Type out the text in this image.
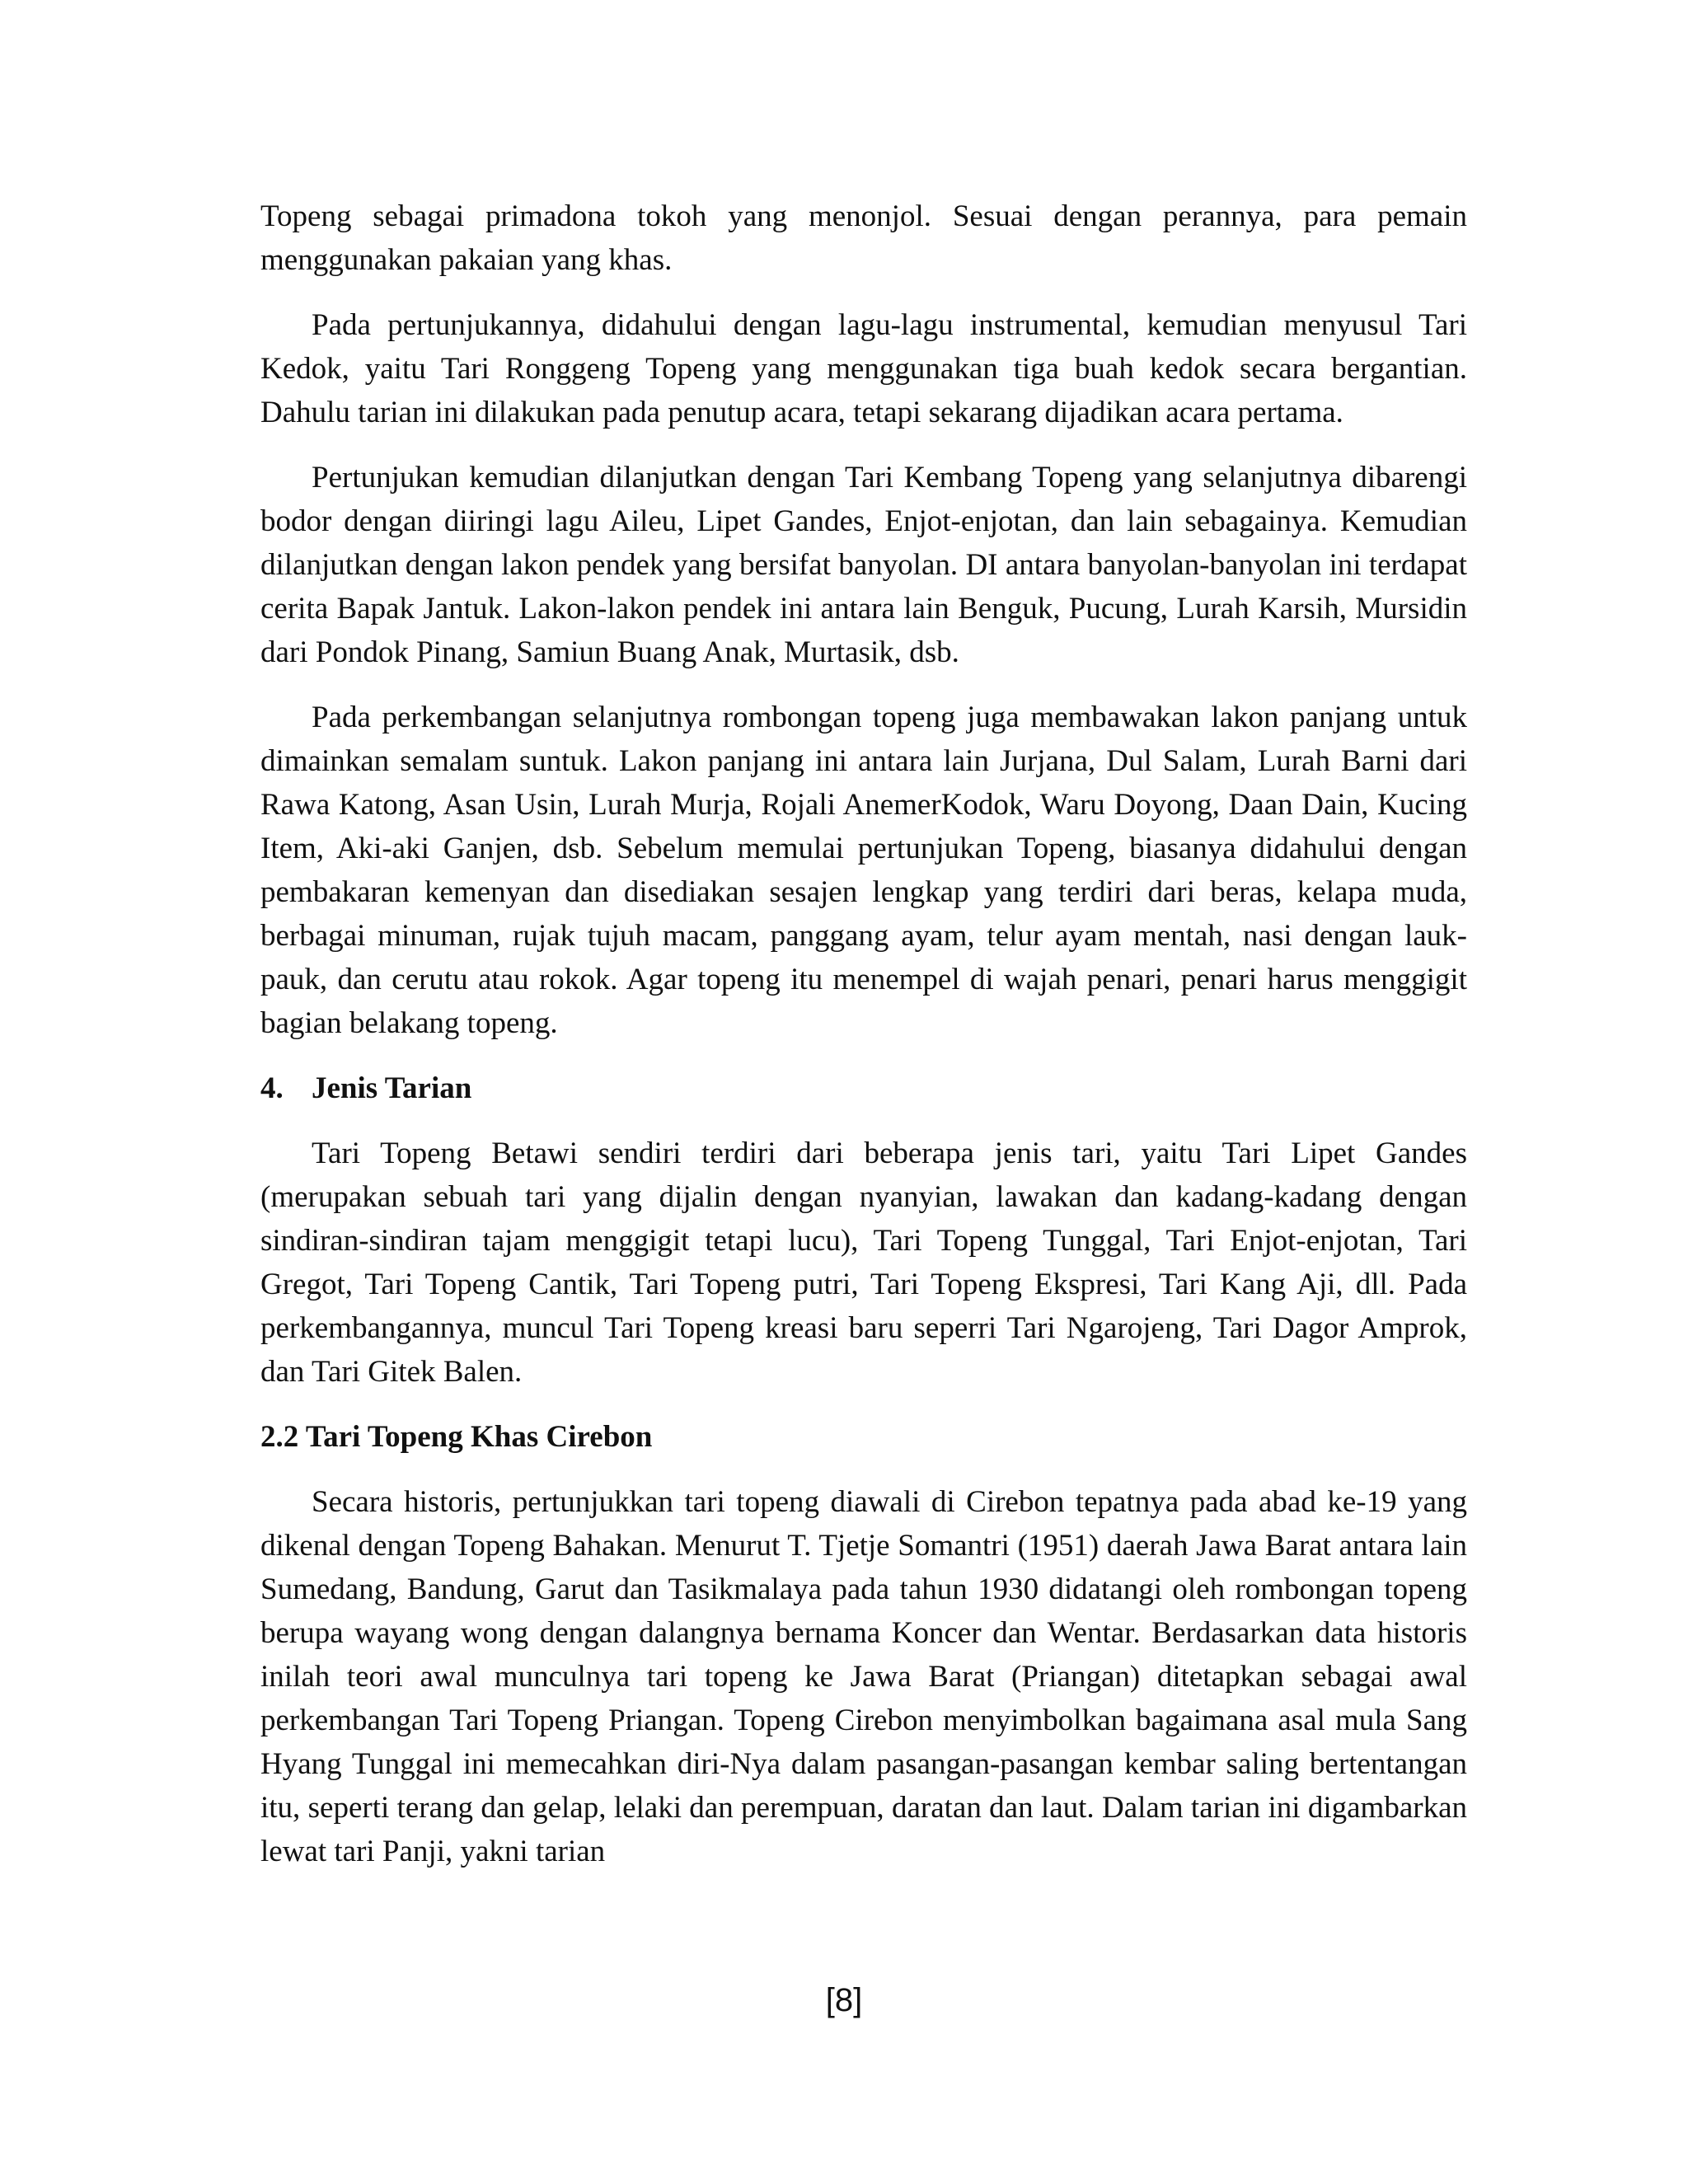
Topeng sebagai primadona tokoh yang menonjol. Sesuai dengan perannya, para pemain menggunakan pakaian yang khas.

Pada pertunjukannya, didahului dengan lagu-lagu instrumental, kemudian menyusul Tari Kedok, yaitu Tari Ronggeng Topeng yang menggunakan tiga buah kedok secara bergantian. Dahulu tarian ini dilakukan pada penutup acara, tetapi sekarang dijadikan acara pertama.

Pertunjukan kemudian dilanjutkan dengan Tari Kembang Topeng yang selanjutnya dibarengi bodor dengan diiringi lagu Aileu, Lipet Gandes, Enjot-enjotan, dan lain sebagainya. Kemudian dilanjutkan dengan lakon pendek yang bersifat banyolan. DI antara banyolan-banyolan ini terdapat cerita Bapak Jantuk. Lakon-lakon pendek ini antara lain Benguk, Pucung, Lurah Karsih, Mursidin dari Pondok Pinang, Samiun Buang Anak, Murtasik, dsb.

Pada perkembangan selanjutnya rombongan topeng juga membawakan lakon panjang untuk dimainkan semalam suntuk. Lakon panjang ini antara lain Jurjana, Dul Salam, Lurah Barni dari Rawa Katong, Asan Usin, Lurah Murja, Rojali AnemerKodok, Waru Doyong, Daan Dain, Kucing Item, Aki-aki Ganjen, dsb. Sebelum memulai pertunjukan Topeng, biasanya didahului dengan pembakaran kemenyan dan disediakan sesajen lengkap yang terdiri dari beras, kelapa muda, berbagai minuman, rujak tujuh macam, panggang ayam, telur ayam mentah, nasi dengan lauk-pauk, dan cerutu atau rokok. Agar topeng itu menempel di wajah penari, penari harus menggigit bagian belakang topeng.

4. Jenis Tarian

Tari Topeng Betawi sendiri terdiri dari beberapa jenis tari, yaitu Tari Lipet Gandes (merupakan sebuah tari yang dijalin dengan nyanyian, lawakan dan kadang-kadang dengan sindiran-sindiran tajam menggigit tetapi lucu), Tari Topeng Tunggal, Tari Enjot-enjotan, Tari Gregot, Tari Topeng Cantik, Tari Topeng putri, Tari Topeng Ekspresi, Tari Kang Aji, dll. Pada perkembangannya, muncul Tari Topeng kreasi baru seperri Tari Ngarojeng, Tari Dagor Amprok, dan Tari Gitek Balen.

2.2 Tari Topeng Khas Cirebon

Secara historis, pertunjukkan tari topeng diawali di Cirebon tepatnya pada abad ke-19 yang dikenal dengan Topeng Bahakan. Menurut T. Tjetje Somantri (1951) daerah Jawa Barat antara lain Sumedang, Bandung, Garut dan Tasikmalaya pada tahun 1930 didatangi oleh rombongan topeng berupa wayang wong dengan dalangnya bernama Koncer dan Wentar. Berdasarkan data historis inilah teori awal munculnya tari topeng ke Jawa Barat (Priangan) ditetapkan sebagai awal perkembangan Tari Topeng Priangan. Topeng Cirebon menyimbolkan bagaimana asal mula Sang Hyang Tunggal ini memecahkan diri-Nya dalam pasangan-pasangan kembar saling bertentangan itu, seperti terang dan gelap, lelaki dan perempuan, daratan dan laut. Dalam tarian ini digambarkan lewat tari Panji, yakni tarian

[8]
